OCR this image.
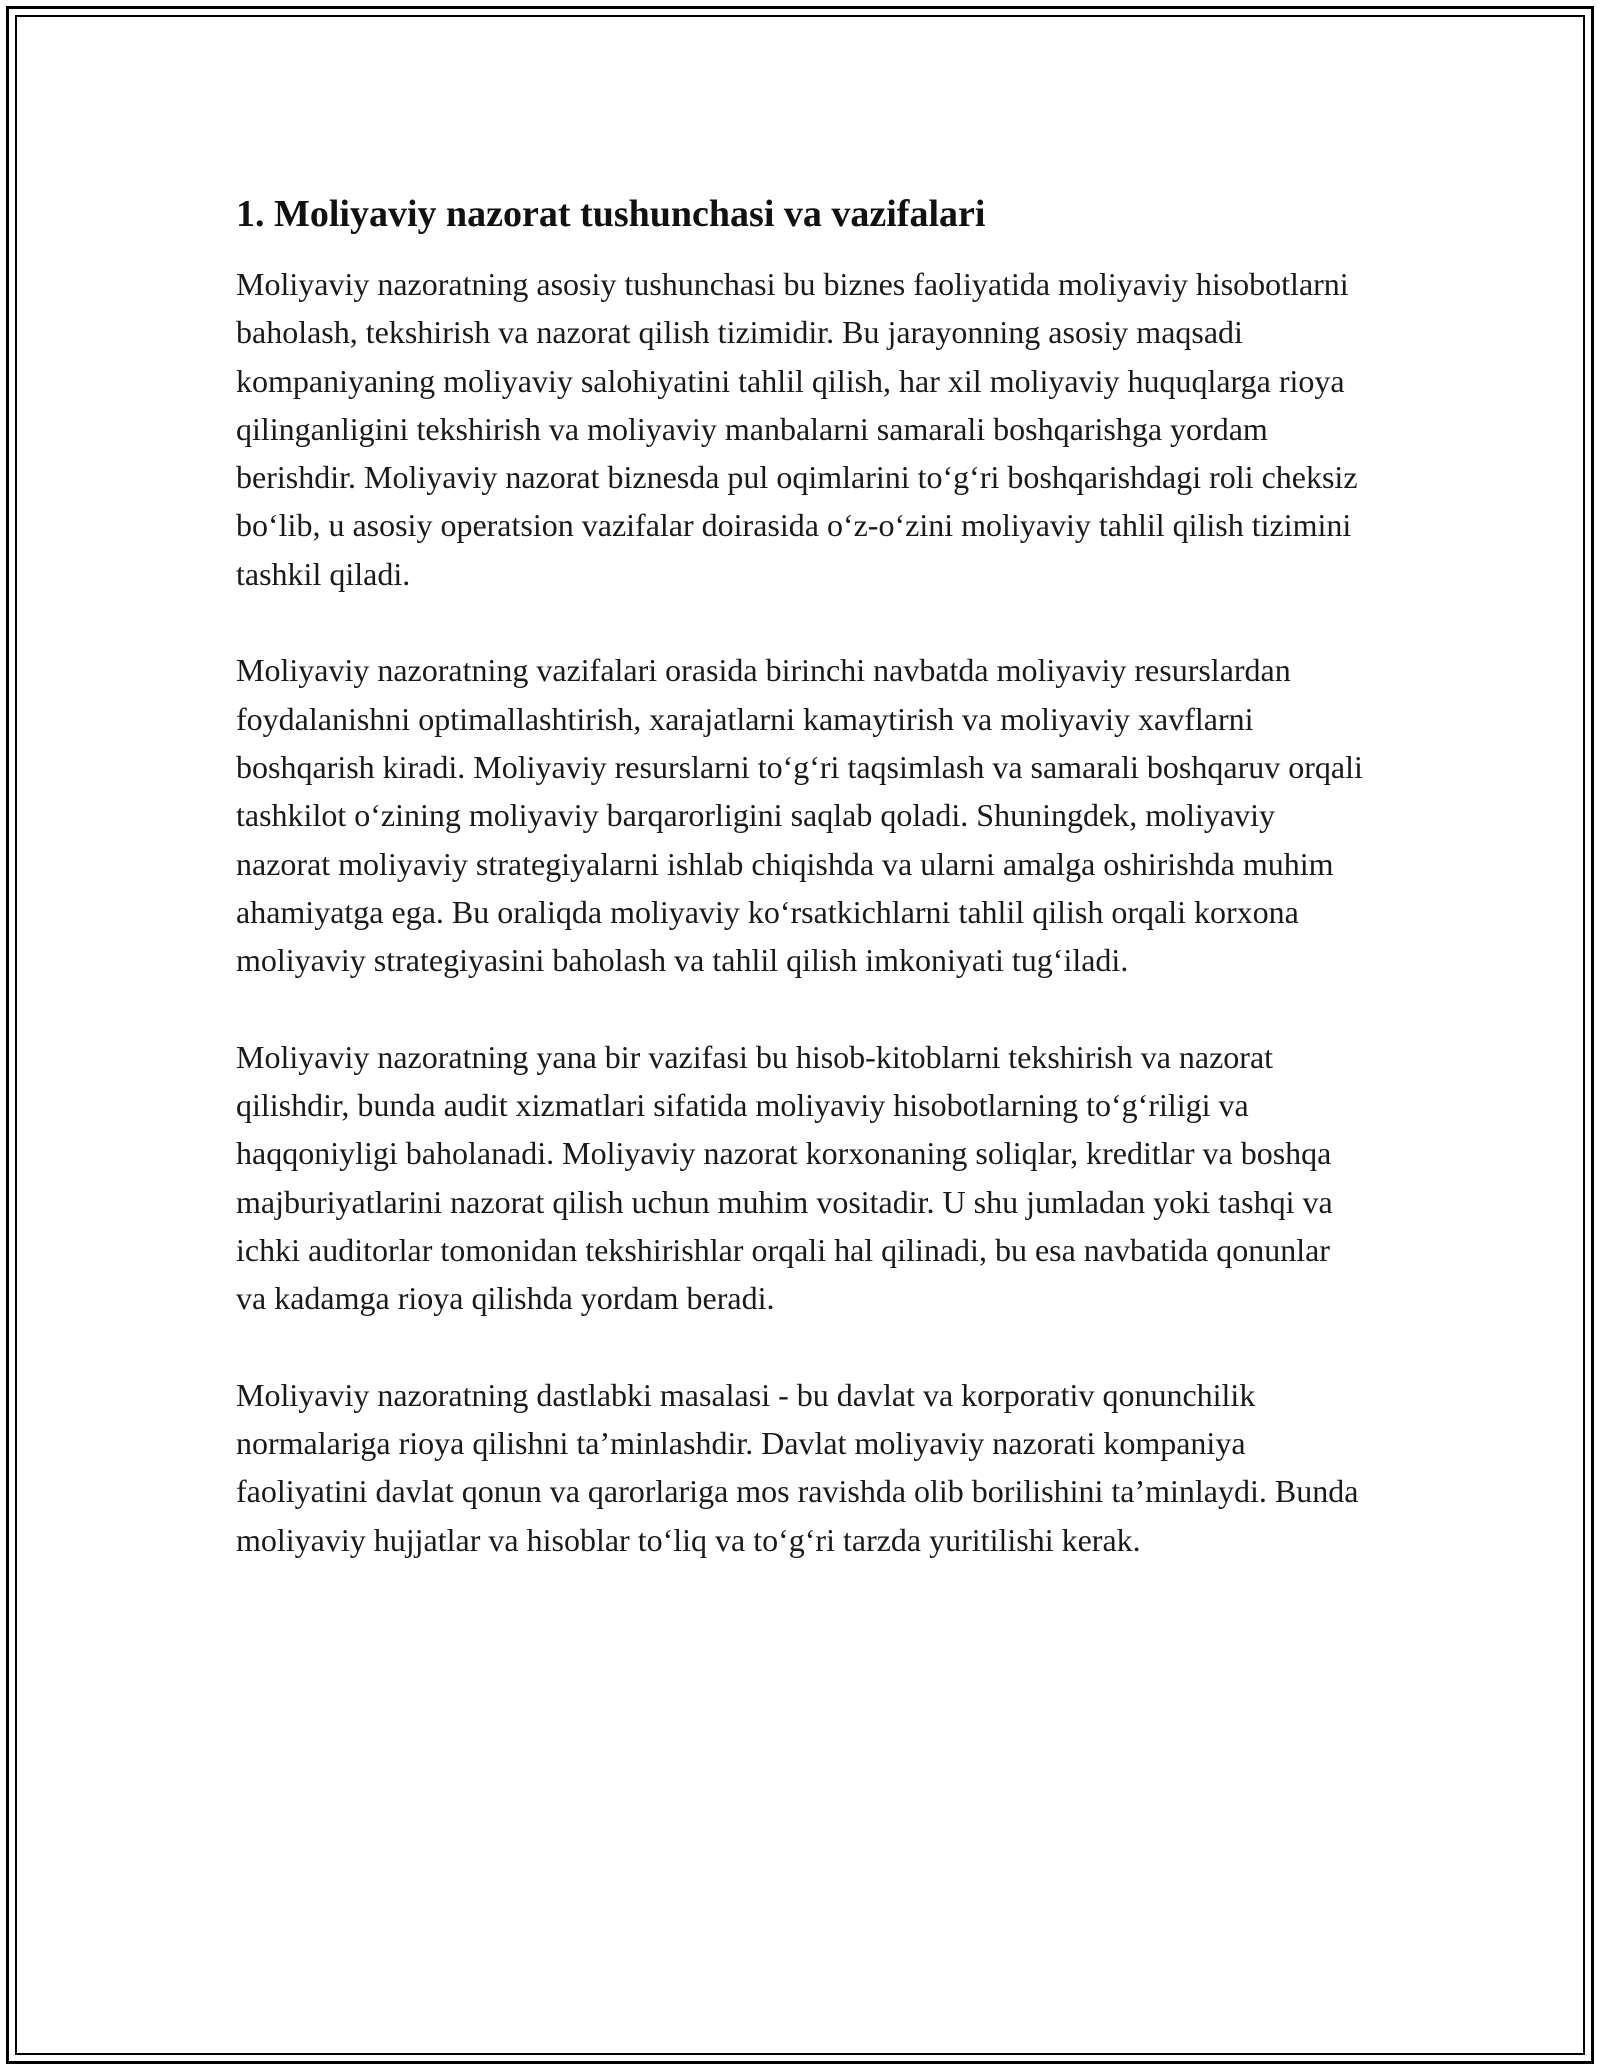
1. Moliyaviy nazorat tushunchasi va vazifalari

Moliyaviy nazoratning asosiy tushunchasi bu biznes faoliyatida moliyaviy hisobotlarni baholash, tekshirish va nazorat qilish tizimidir. Bu jarayonning asosiy maqsadi kompaniyaning moliyaviy salohiyatini tahlil qilish, har xil moliyaviy huquqlarga rioya qilinganligini tekshirish va moliyaviy manbalarni samarali boshqarishga yordam berishdir. Moliyaviy nazorat biznesda pul oqimlarini to‘g‘ri boshqarishdagi roli cheksiz bo‘lib, u asosiy operatsion vazifalar doirasida o‘z-o‘zini moliyaviy tahlil qilish tizimini tashkil qiladi.

Moliyaviy nazoratning vazifalari orasida birinchi navbatda moliyaviy resurslardan foydalanishni optimallashtirish, xarajatlarni kamaytirish va moliyaviy xavflarni boshqarish kiradi. Moliyaviy resurslarni to‘g‘ri taqsimlash va samarali boshqaruv orqali tashkilot o‘zining moliyaviy barqarorligini saqlab qoladi. Shuningdek, moliyaviy nazorat moliyaviy strategiyalarni ishlab chiqishda va ularni amalga oshirishda muhim ahamiyatga ega. Bu oraliqda moliyaviy ko‘rsatkichlarni tahlil qilish orqali korxona moliyaviy strategiyasini baholash va tahlil qilish imkoniyati tug‘iladi.

Moliyaviy nazoratning yana bir vazifasi bu hisob-kitoblarni tekshirish va nazorat qilishdir, bunda audit xizmatlari sifatida moliyaviy hisobotlarning to‘g‘riligi va haqqoniyligi baholanadi. Moliyaviy nazorat korxonaning soliqlar, kreditlar va boshqa majburiyatlarini nazorat qilish uchun muhim vositadir. U shu jumladan yoki tashqi va ichki auditorlar tomonidan tekshirishlar orqali hal qilinadi, bu esa navbatida qonunlar va kadamga rioya qilishda yordam beradi.

Moliyaviy nazoratning dastlabki masalasi - bu davlat va korporativ qonunchilik normalariga rioya qilishni ta’minlashdir. Davlat moliyaviy nazorati kompaniya faoliyatini davlat qonun va qarorlariga mos ravishda olib borilishini ta’minlaydi. Bunda moliyaviy hujjatlar va hisoblar to‘liq va to‘g‘ri tarzda yuritilishi kerak.
